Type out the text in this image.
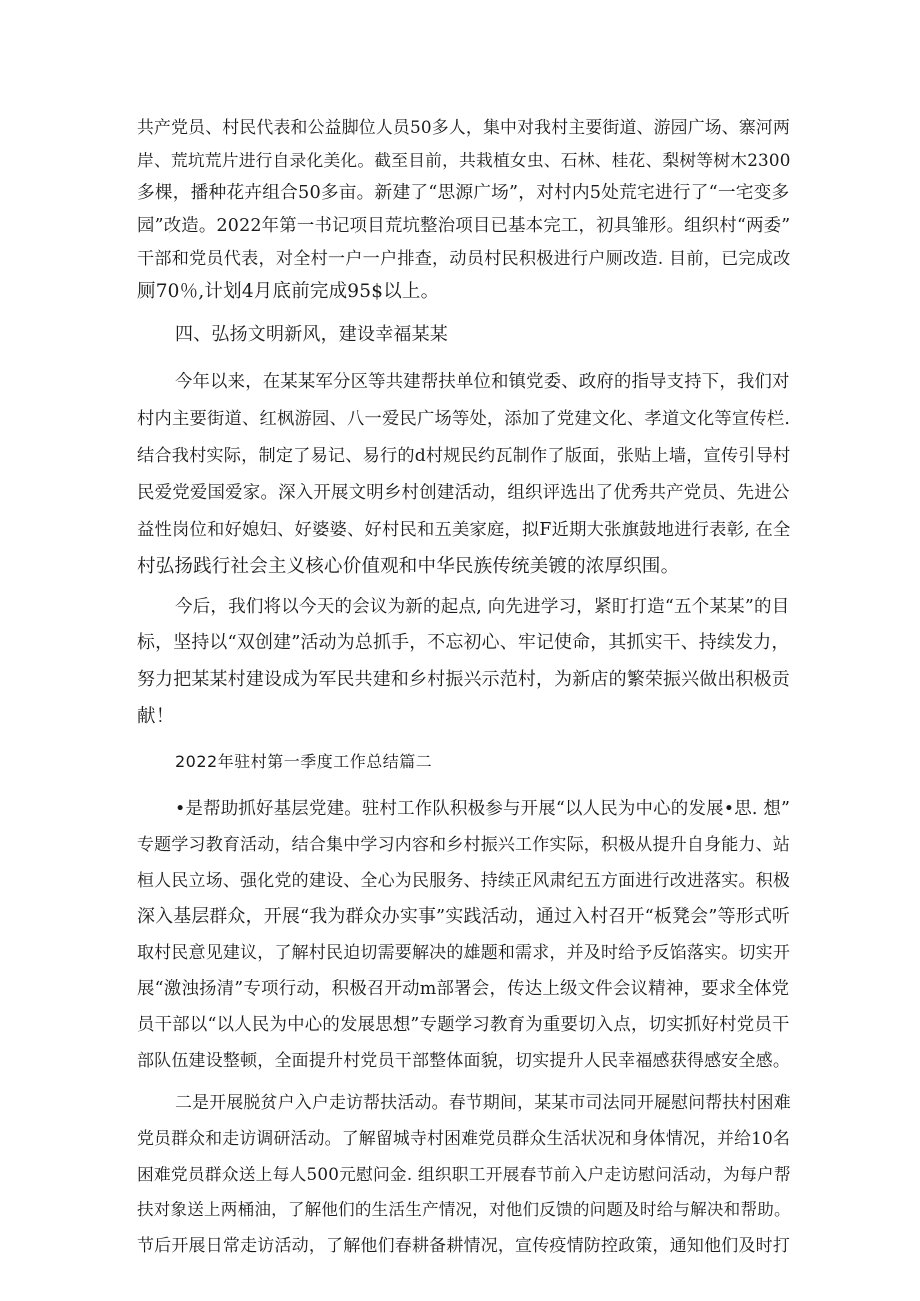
共产党员、村民代表和公益脚位人员50多人，集中对我村主要街道、游园广场、寨河两
岸、荒坑荒片进行自录化美化。截至目前，共栽植女虫、石林、桂花、梨树等树木2300
多棵，播种花卉组合50多亩。新建了“思源广场”，对村内5处荒宅进行了“一宅变多
园”改造。2022年第一书记项目荒坑整治项目已基本完工，初具雏形。组织村“两委”
干部和党员代表，对全村一户一户排查，动员村民积极进行户厕改造. 目前，已完成改
厕70％,计划4月底前完成95$以上。
四、弘扬文明新风，建设幸福某某
今年以来，在某某军分区等共建帮扶单位和镇党委、政府的指导支持下，我们对
村内主要街道、红枫游园、八一爱民广场等处，添加了党建文化、孝道文化等宣传栏.
结合我村实际，制定了易记、易行的d村规民约瓦制作了版面，张贴上墙，宣传引导村
民爱党爱国爱家。深入开展文明乡村创建活动，组织评选出了优秀共产党员、先进公
益性岗位和好媳妇、好婆婆、好村民和五美家庭，拟F近期大张旗鼓地进行表彰, 在全
村弘扬践行社会主义核心价值观和中华民族传统美镀的浓厚织围。
今后，我们将以今天的会议为新的起点, 向先进学习，紧盯打造“五个某某”的目
标，坚持以“双创建”活动为总抓手，不忘初心、牢记使命，其抓实干、持续发力，
努力把某某村建设成为军民共建和乡村振兴示范村，为新店的繁荣振兴做出积极贡
献！
2022年驻村第一季度工作总结篇二
•是帮助抓好基层党建。驻村工作队积极参与开展“以人民为中心的发展•思. 想”
专题学习教育活动，结合集中学习内容和乡村振兴工作实际，积极从提升自身能力、站
桓人民立场、强化党的建设、全心为民服务、持续正风肃纪五方面进行改进落实。积极
深入基层群众，开展“我为群众办实事”实践活动，通过入村召开“板凳会”等形式听
取村民意见建议，了解村民迫切需要解决的雄题和需求，并及时给予反馅落实。切实开
展“激浊扬清”专项行动，积极召开动m部署会，传达上级文件会议精神，要求全体党
员干部以“以人民为中心的发展思想”专题学习教育为重要切入点，切实抓好村党员干
部队伍建设整顿，全面提升村党员干部整体面貌，切实提升人民幸福感获得感安全感。
二是开展脱贫户入户走访帮扶活动。春节期间，某某市司法同开屣慰问帮扶村困难
党员群众和走访调研活动。了解留城寺村困难党员群众生活状况和身体情况，并给10名
困难党员群众送上每人500元慰问金. 组织职工开展春节前入户走访慰问活动，为每户帮
扶对象送上两桶油，了解他们的生活生产情况，对他们反馈的问题及时给与解决和帮助。
节后开展日常走访活动，了解他们春耕备耕情况，宣传疫情防控政策，通知他们及时打
